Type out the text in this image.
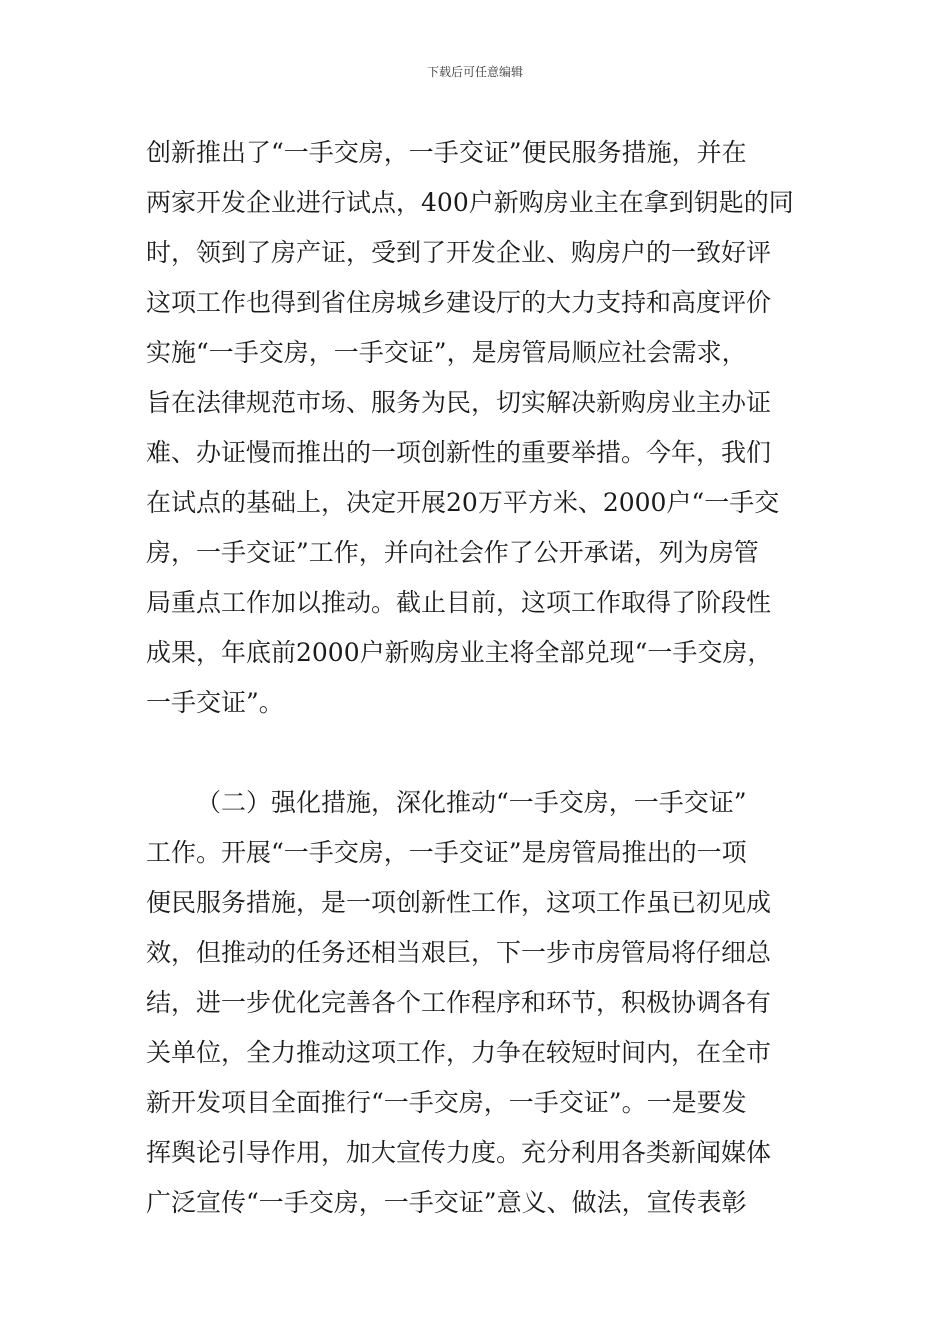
下载后可任意编辑
创新推出了“一手交房，一手交证”便民服务措施，并在
两家开发企业进行试点，400户新购房业主在拿到钥匙的同
时，领到了房产证，受到了开发企业、购房户的一致好评
这项工作也得到省住房城乡建设厅的大力支持和高度评价
实施“一手交房，一手交证”，是房管局顺应社会需求，
旨在法律规范市场、服务为民，切实解决新购房业主办证
难、办证慢而推出的一项创新性的重要举措。今年，我们
在试点的基础上，决定开展20万平方米、2000户“一手交
房，一手交证”工作，并向社会作了公开承诺，列为房管
局重点工作加以推动。截止目前，这项工作取得了阶段性
成果，年底前2000户新购房业主将全部兑现“一手交房，
一手交证”。
（二）强化措施，深化推动“一手交房，一手交证”
工作。开展“一手交房，一手交证”是房管局推出的一项
便民服务措施，是一项创新性工作，这项工作虽已初见成
效，但推动的任务还相当艰巨，下一步市房管局将仔细总
结，进一步优化完善各个工作程序和环节，积极协调各有
关单位，全力推动这项工作，力争在较短时间内，在全市
新开发项目全面推行“一手交房，一手交证”。一是要发
挥舆论引导作用，加大宣传力度。充分利用各类新闻媒体
广泛宣传“一手交房，一手交证”意义、做法，宣传表彰
